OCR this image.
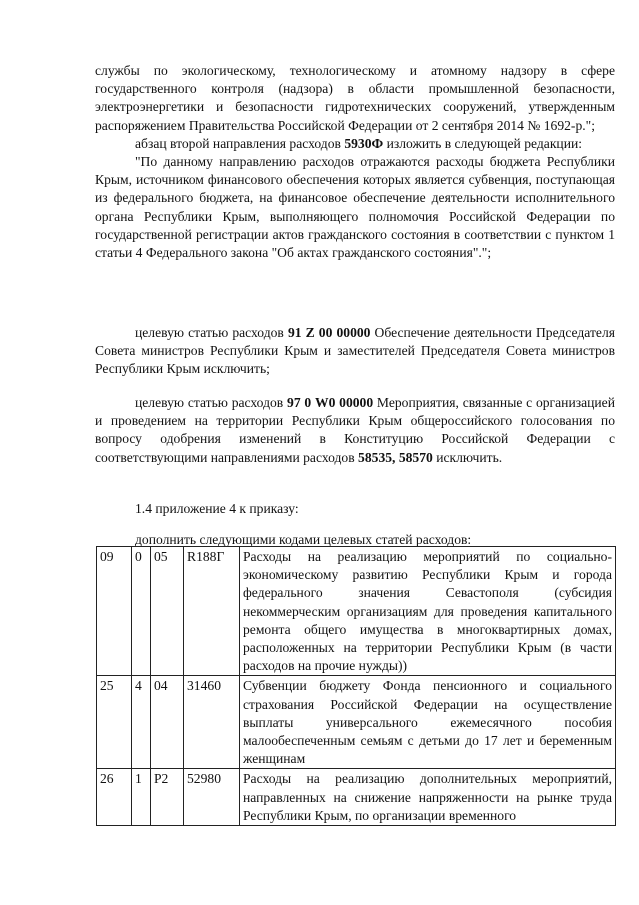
службы по экологическому, технологическому и атомному надзору в сфере государственного контроля (надзора) в области промышленной безопасности, электроэнергетики и безопасности гидротехнических сооружений, утвержденным распоряжением Правительства Российской Федерации от 2 сентября 2014 № 1692-р.";

абзац второй направления расходов 5930Ф изложить в следующей редакции:

"По данному направлению расходов отражаются расходы бюджета Республики Крым, источником финансового обеспечения которых является субвенция, поступающая из федерального бюджета, на финансовое обеспечение деятельности исполнительного органа Республики Крым, выполняющего полномочия Российской Федерации по государственной регистрации актов гражданского состояния в соответствии с пунктом 1 статьи 4 Федерального закона "Об актах гражданского состояния".";

целевую статью расходов 91 Z 00 00000 Обеспечение деятельности Председателя Совета министров Республики Крым и заместителей Председателя Совета министров Республики Крым исключить;

целевую статью расходов 97 0 W0 00000 Мероприятия, связанные с организацией и проведением на территории Республики Крым общероссийского голосования по вопросу одобрения изменений в Конституцию Российской Федерации с соответствующими направлениями расходов 58535, 58570 исключить.

1.4 приложение 4 к приказу:

дополнить следующими кодами целевых статей расходов:

09	0	05	R188Г	Расходы на реализацию мероприятий по социально-экономическому развитию Республики Крым и города федерального значения Севастополя (субсидия некоммерческим организациям для проведения капитального ремонта общего имущества в многоквартирных домах, расположенных на территории Республики Крым (в части расходов на прочие нужды))
25	4	04	31460	Субвенции бюджету Фонда пенсионного и социального страхования Российской Федерации на осуществление выплаты универсального ежемесячного пособия малообеспеченным семьям с детьми до 17 лет и беременным женщинам
26	1	Р2	52980	Расходы на реализацию дополнительных мероприятий, направленных на снижение напряженности на рынке труда Республики Крым, по организации временного
